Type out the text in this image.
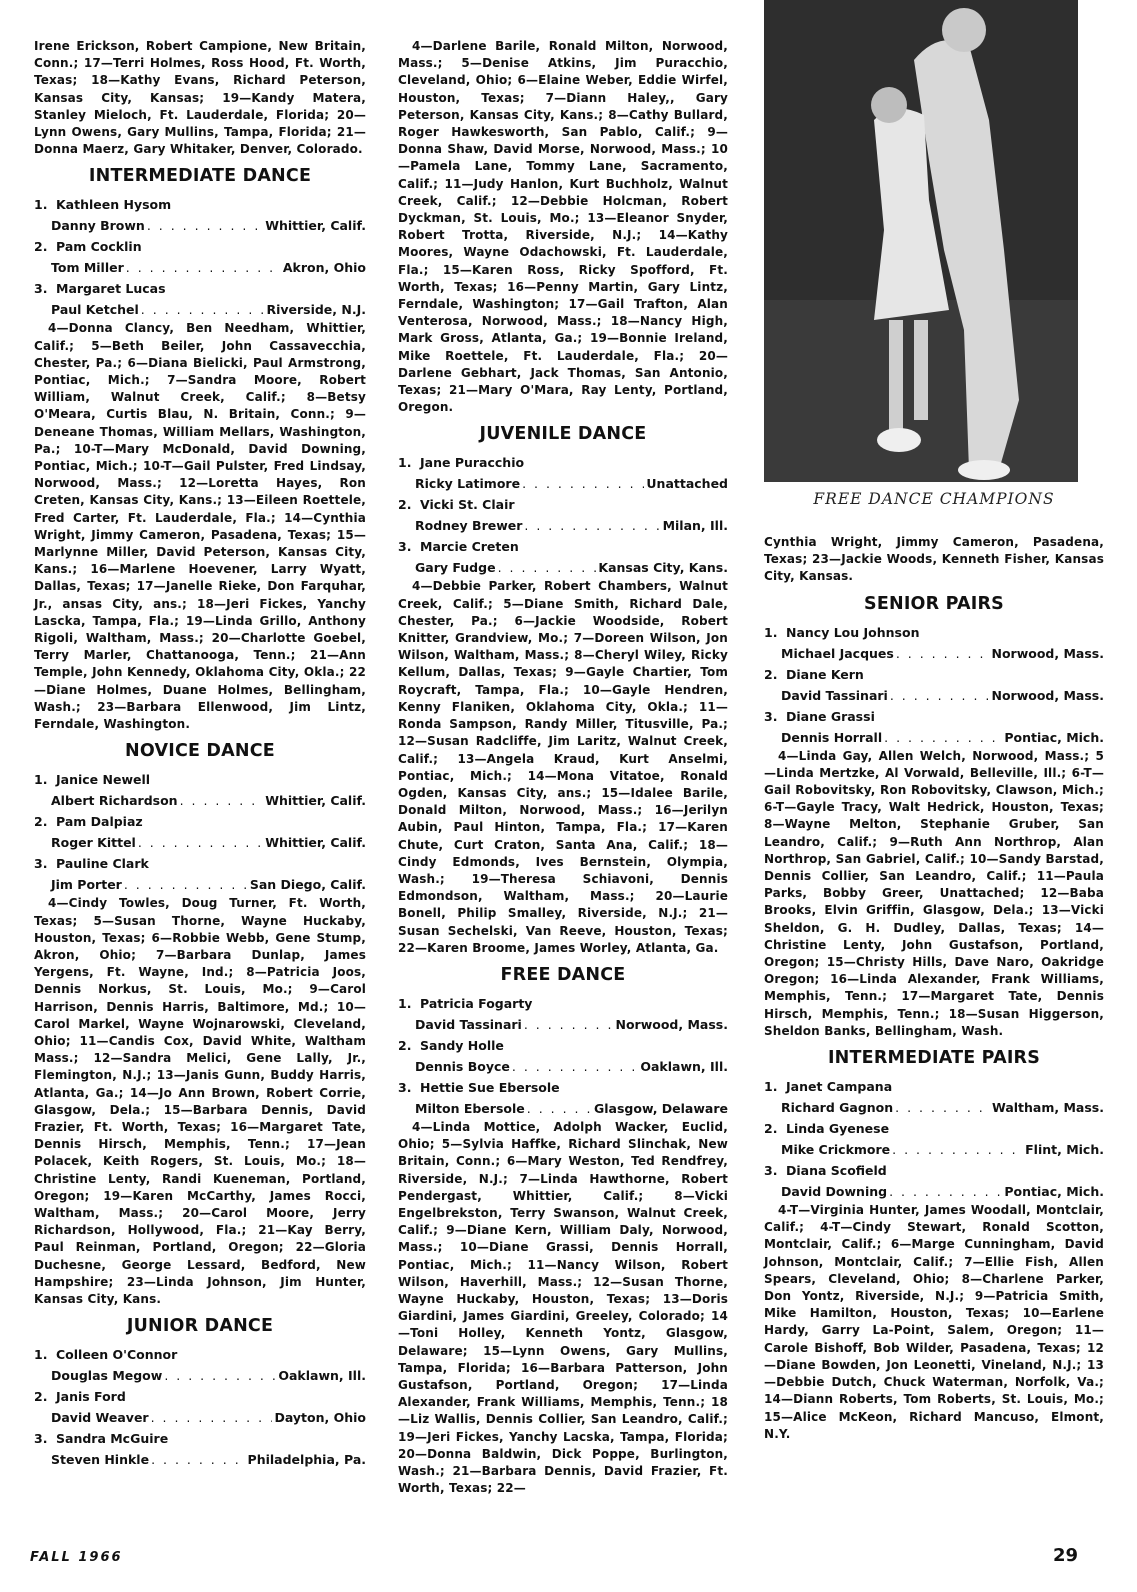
Irene Erickson, Robert Campione, New Britain, Conn.; 17—Terri Holmes, Ross Hood, Ft. Worth, Texas; 18—Kathy Evans, Richard Peterson, Kansas City, Kansas; 19—Kandy Matera, Stanley Mieloch, Ft. Lauderdale, Florida; 20—Lynn Owens, Gary Mullins, Tampa, Florida; 21—Donna Maerz, Gary Whitaker, Denver, Colorado.

INTERMEDIATE DANCE
1. Kathleen Hysom
Danny Brown . . .	Whittier, Calif.
2. Pam Cocklin
Tom Miller . . .	Akron, Ohio
3. Margaret Lucas
Paul Ketchel . . .	Riverside, N.J.

4—Donna Clancy, Ben Needham, Whittier, Calif.; 5—Beth Beiler, John Cassavecchia, Chester, Pa.; 6—Diana Bielicki, Paul Armstrong, Pontiac, Mich.; 7—Sandra Moore, Robert William, Walnut Creek, Calif.; 8—Betsy O'Meara, Curtis Blau, N. Britain, Conn.; 9—Deneane Thomas, William Mellars, Washington, Pa.; 10-T—Mary McDonald, David Downing, Pontiac, Mich.; 10-T—Gail Pulster, Fred Lindsay, Norwood, Mass.; 12—Loretta Hayes, Ron Creten, Kansas City, Kans.; 13—Eileen Roettele, Fred Carter, Ft. Lauderdale, Fla.; 14—Cynthia Wright, Jimmy Cameron, Pasadena, Texas; 15—Marlynne Miller, David Peterson, Kansas City, Kans.; 16—Marlene Hoevener, Larry Wyatt, Dallas, Texas; 17—Janelle Rieke, Don Farquhar, Jr., ansas City, ans.; 18—Jeri Fickes, Yanchy Lascka, Tampa, Fla.; 19—Linda Grillo, Anthony Rigoli, Waltham, Mass.; 20—Charlotte Goebel, Terry Marler, Chattanooga, Tenn.; 21—Ann Temple, John Kennedy, Oklahoma City, Okla.; 22—Diane Holmes, Duane Holmes, Bellingham, Wash.; 23—Barbara Ellenwood, Jim Lintz, Ferndale, Washington.

NOVICE DANCE
1. Janice Newell
Albert Richardson . . .	Whittier, Calif.
2. Pam Dalpiaz
Roger Kittel . . .	Whittier, Calif.
3. Pauline Clark
Jim Porter . . .	San Diego, Calif.

4—Cindy Towles, Doug Turner, Ft. Worth, Texas; 5—Susan Thorne, Wayne Huckaby, Houston, Texas; 6—Robbie Webb, Gene Stump, Akron, Ohio; 7—Barbara Dunlap, James Yergens, Ft. Wayne, Ind.; 8—Patricia Joos, Dennis Norkus, St. Louis, Mo.; 9—Carol Harrison, Dennis Harris, Baltimore, Md.; 10—Carol Markel, Wayne Wojnarowski, Cleveland, Ohio; 11—Candis Cox, David White, Waltham Mass.; 12—Sandra Melici, Gene Lally, Jr., Flemington, N.J.; 13—Janis Gunn, Buddy Harris, Atlanta, Ga.; 14—Jo Ann Brown, Robert Corrie, Glasgow, Dela.; 15—Barbara Dennis, David Frazier, Ft. Worth, Texas; 16—Margaret Tate, Dennis Hirsch, Memphis, Tenn.; 17—Jean Polacek, Keith Rogers, St. Louis, Mo.; 18—Christine Lenty, Randi Kueneman, Portland, Oregon; 19—Karen McCarthy, James Rocci, Waltham, Mass.; 20—Carol Moore, Jerry Richardson, Hollywood, Fla.; 21—Kay Berry, Paul Reinman, Portland, Oregon; 22—Gloria Duchesne, George Lessard, Bedford, New Hampshire; 23—Linda Johnson, Jim Hunter, Kansas City, Kans.

JUNIOR DANCE
1. Colleen O'Connor
Douglas Megow . . .	Oaklawn, Ill.
2. Janis Ford
David Weaver . . .	Dayton, Ohio
3. Sandra McGuire
Steven Hinkle . . .	Philadelphia, Pa.

4—Darlene Barile, Ronald Milton, Norwood, Mass.; 5—Denise Atkins, Jim Puracchio, Cleveland, Ohio; 6—Elaine Weber, Eddie Wirfel, Houston, Texas; 7—Diann Haley,, Gary Peterson, Kansas City, Kans.; 8—Cathy Bullard, Roger Hawkesworth, San Pablo, Calif.; 9—Donna Shaw, David Morse, Norwood, Mass.; 10—Pamela Lane, Tommy Lane, Sacramento, Calif.; 11—Judy Hanlon, Kurt Buchholz, Walnut Creek, Calif.; 12—Debbie Holcman, Robert Dyckman, St. Louis, Mo.; 13—Eleanor Snyder, Robert Trotta, Riverside, N.J.; 14—Kathy Moores, Wayne Odachowski, Ft. Lauderdale, Fla.; 15—Karen Ross, Ricky Spofford, Ft. Worth, Texas; 16—Penny Martin, Gary Lintz, Ferndale, Washington; 17—Gail Trafton, Alan Venterosa, Norwood, Mass.; 18—Nancy High, Mark Gross, Atlanta, Ga.; 19—Bonnie Ireland, Mike Roettele, Ft. Lauderdale, Fla.; 20—Darlene Gebhart, Jack Thomas, San Antonio, Texas; 21—Mary O'Mara, Ray Lenty, Portland, Oregon.

JUVENILE DANCE
1. Jane Puracchio
Ricky Latimore . . .	Unattached
2. Vicki St. Clair
Rodney Brewer . . .	Milan, Ill.
3. Marcie Creten
Gary Fudge . . .	Kansas City, Kans.

4—Debbie Parker, Robert Chambers, Walnut Creek, Calif.; 5—Diane Smith, Richard Dale, Chester, Pa.; 6—Jackie Woodside, Robert Knitter, Grandview, Mo.; 7—Doreen Wilson, Jon Wilson, Waltham, Mass.; 8—Cheryl Wiley, Ricky Kellum, Dallas, Texas; 9—Gayle Chartier, Tom Roycraft, Tampa, Fla.; 10—Gayle Hendren, Kenny Flaniken, Oklahoma City, Okla.; 11—Ronda Sampson, Randy Miller, Titusville, Pa.; 12—Susan Radcliffe, Jim Laritz, Walnut Creek, Calif.; 13—Angela Kraud, Kurt Anselmi, Pontiac, Mich.; 14—Mona Vitatoe, Ronald Ogden, Kansas City, ans.; 15—Idalee Barile, Donald Milton, Norwood, Mass.; 16—Jerilyn Aubin, Paul Hinton, Tampa, Fla.; 17—Karen Chute, Curt Craton, Santa Ana, Calif.; 18—Cindy Edmonds, Ives Bernstein, Olympia, Wash.; 19—Theresa Schiavoni, Dennis Edmondson, Waltham, Mass.; 20—Laurie Bonell, Philip Smalley, Riverside, N.J.; 21—Susan Sechelski, Van Reeve, Houston, Texas; 22—Karen Broome, James Worley, Atlanta, Ga.

FREE DANCE
1. Patricia Fogarty
David Tassinari . . .	Norwood, Mass.
2. Sandy Holle
Dennis Boyce . . .	Oaklawn, Ill.
3. Hettie Sue Ebersole
Milton Ebersole . . .	Glasgow, Delaware

4—Linda Mottice, Adolph Wacker, Euclid, Ohio; 5—Sylvia Haffke, Richard Slinchak, New Britain, Conn.; 6—Mary Weston, Ted Rendfrey, Riverside, N.J.; 7—Linda Hawthorne, Robert Pendergast, Whittier, Calif.; 8—Vicki Engelbrekston, Terry Swanson, Walnut Creek, Calif.; 9—Diane Kern, William Daly, Norwood, Mass.; 10—Diane Grassi, Dennis Horrall, Pontiac, Mich.; 11—Nancy Wilson, Robert Wilson, Haverhill, Mass.; 12—Susan Thorne, Wayne Huckaby, Houston, Texas; 13—Doris Giardini, James Giardini, Greeley, Colorado; 14—Toni Holley, Kenneth Yontz, Glasgow, Delaware; 15—Lynn Owens, Gary Mullins, Tampa, Florida; 16—Barbara Patterson, John Gustafson, Portland, Oregon; 17—Linda Alexander, Frank Williams, Memphis, Tenn.; 18—Liz Wallis, Dennis Collier, San Leandro, Calif.; 19—Jeri Fickes, Yanchy Lacska, Tampa, Florida; 20—Donna Baldwin, Dick Poppe, Burlington, Wash.; 21—Barbara Dennis, David Frazier, Ft. Worth, Texas; 22—

FREE DANCE CHAMPIONS

Cynthia Wright, Jimmy Cameron, Pasadena, Texas; 23—Jackie Woods, Kenneth Fisher, Kansas City, Kansas.

SENIOR PAIRS
1. Nancy Lou Johnson
Michael Jacques . . .	Norwood, Mass.
2. Diane Kern
David Tassinari . . .	Norwood, Mass.
3. Diane Grassi
Dennis Horrall . . .	Pontiac, Mich.

4—Linda Gay, Allen Welch, Norwood, Mass.; 5—Linda Mertzke, Al Vorwald, Belleville, Ill.; 6-T—Gail Robovitsky, Ron Robovitsky, Clawson, Mich.; 6-T—Gayle Tracy, Walt Hedrick, Houston, Texas; 8—Wayne Melton, Stephanie Gruber, San Leandro, Calif.; 9—Ruth Ann Northrop, Alan Northrop, San Gabriel, Calif.; 10—Sandy Barstad, Dennis Collier, San Leandro, Calif.; 11—Paula Parks, Bobby Greer, Unattached; 12—Baba Brooks, Elvin Griffin, Glasgow, Dela.; 13—Vicki Sheldon, G. H. Dudley, Dallas, Texas; 14—Christine Lenty, John Gustafson, Portland, Oregon; 15—Christy Hills, Dave Naro, Oakridge Oregon; 16—Linda Alexander, Frank Williams, Memphis, Tenn.; 17—Margaret Tate, Dennis Hirsch, Memphis, Tenn.; 18—Susan Higgerson, Sheldon Banks, Bellingham, Wash.

INTERMEDIATE PAIRS
1. Janet Campana
Richard Gagnon . . .	Waltham, Mass.
2. Linda Gyenese
Mike Crickmore . . .	Flint, Mich.
3. Diana Scofield
David Downing . . .	Pontiac, Mich.

4-T—Virginia Hunter, James Woodall, Montclair, Calif.; 4-T—Cindy Stewart, Ronald Scotton, Montclair, Calif.; 6—Marge Cunningham, David Johnson, Montclair, Calif.; 7—Ellie Fish, Allen Spears, Cleveland, Ohio; 8—Charlene Parker, Don Yontz, Riverside, N.J.; 9—Patricia Smith, Mike Hamilton, Houston, Texas; 10—Earlene Hardy, Garry La-Point, Salem, Oregon; 11—Carole Bishoff, Bob Wilder, Pasadena, Texas; 12—Diane Bowden, Jon Leonetti, Vineland, N.J.; 13—Debbie Dutch, Chuck Waterman, Norfolk, Va.; 14—Diann Roberts, Tom Roberts, St. Louis, Mo.; 15—Alice McKeon, Richard Mancuso, Elmont, N.Y.

FALL 1966	29
